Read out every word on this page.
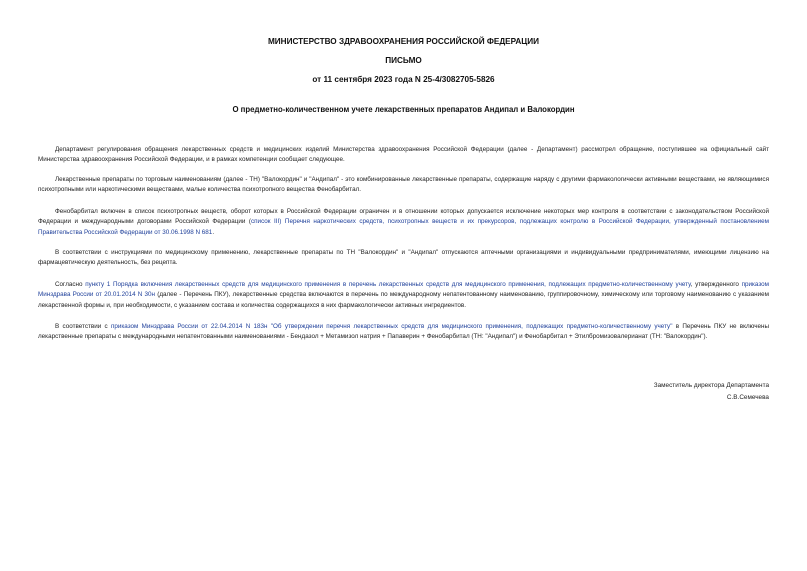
МИНИСТЕРСТВО ЗДРАВООХРАНЕНИЯ РОССИЙСКОЙ ФЕДЕРАЦИИ
ПИСЬМО
от 11 сентября 2023 года N 25-4/3082705-5826
О предметно-количественном учете лекарственных препаратов Андипал и Валокордин

Департамент регулирования обращения лекарственных средств и медицинских изделий Министерства здравоохранения Российской Федерации (далее - Департамент) рассмотрел обращение, поступившее на официальный сайт Министерства здравоохранения Российской Федерации, и в рамках компетенции сообщает следующее.

Лекарственные препараты по торговым наименованиям (далее - ТН) "Валокордин" и "Андипал" - это комбинированные лекарственные препараты, содержащие наряду с другими фармакологически активными веществами, не являющимися психотропными или наркотическими веществами, малые количества психотропного вещества Фенобарбитал.

Фенобарбитал включен в список психотропных веществ, оборот которых в Российской Федерации ограничен и в отношении которых допускается исключение некоторых мер контроля в соответствии с законодательством Российской Федерации и международными договорами Российской Федерации (список III) Перечня наркотических средств, психотропных веществ и их прекурсоров, подлежащих контролю в Российской Федерации, утвержденный постановлением Правительства Российской Федерации от 30.06.1998 N 681.

В соответствии с инструкциями по медицинскому применению, лекарственные препараты по ТН "Валокордин" и "Андипал" отпускаются аптечными организациями и индивидуальными предпринимателями, имеющими лицензию на фармацевтическую деятельность, без рецепта.

Согласно пункту 1 Порядка включения лекарственных средств для медицинского применения в перечень лекарственных средств для медицинского применения, подлежащих предметно-количественному учету, утвержденного приказом Минздрава России от 20.01.2014 N 30н (далее - Перечень ПКУ), лекарственные средства включаются в перечень по международному непатентованному наименованию, группировочному, химическому или торговому наименованию с указанием лекарственной формы и, при необходимости, с указанием состава и количества содержащихся в них фармакологически активных ингредиентов.

В соответствии с приказом Минздрава России от 22.04.2014 N 183н "Об утверждении перечня лекарственных средств для медицинского применения, подлежащих предметно-количественному учету" в Перечень ПКУ не включены лекарственные препараты с международными непатентованными наименованиями - Бендазол + Метамизол натрия + Папаверин + Фенобарбитал (ТН: "Андипал") и Фенобарбитал + Этилбромизовалерианат (ТН: "Валокордин").

Заместитель директора Департамента
С.В.Семечева
